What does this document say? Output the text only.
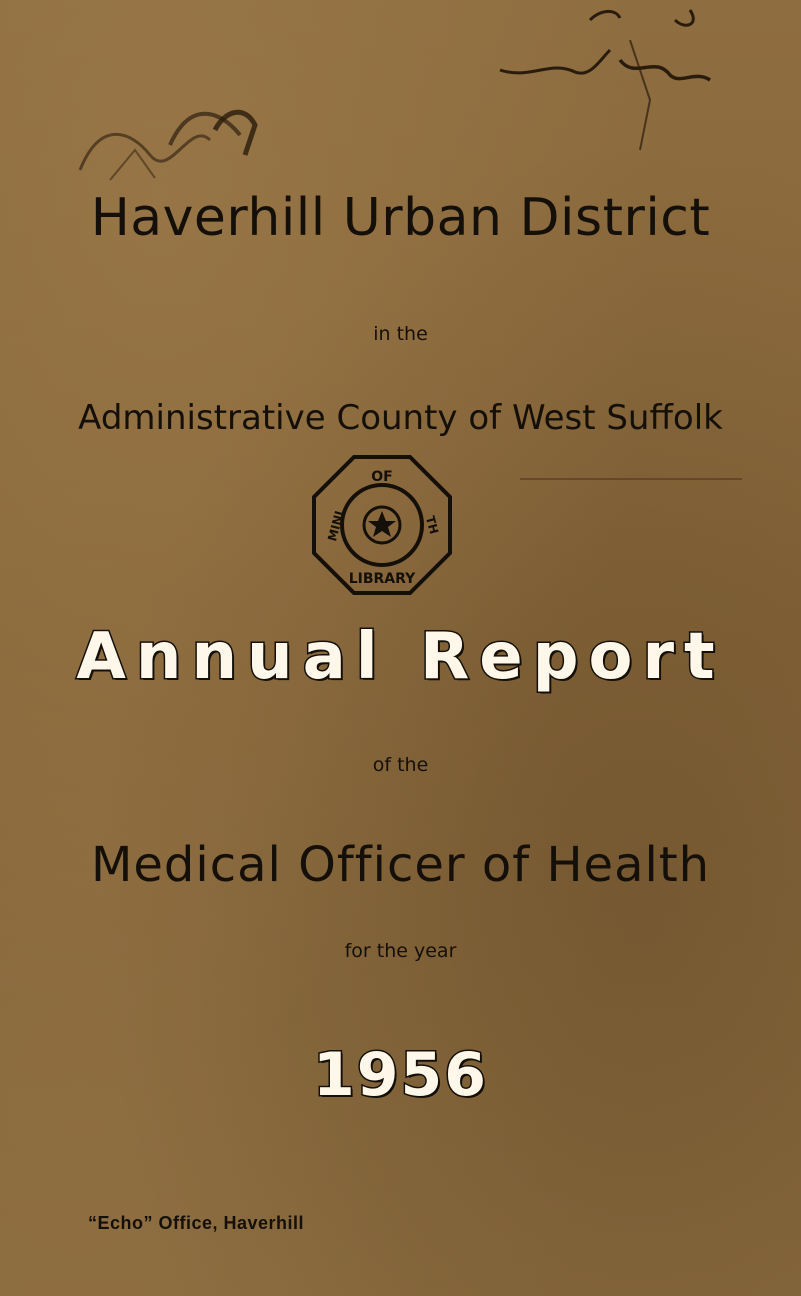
Haverhill Urban District
in the
Administrative County of West Suffolk
OF
MINI	TH
LIBRARY
Annual Report
of the
Medical Officer of Health
for the year
1956
“Echo” Office, Haverhill
